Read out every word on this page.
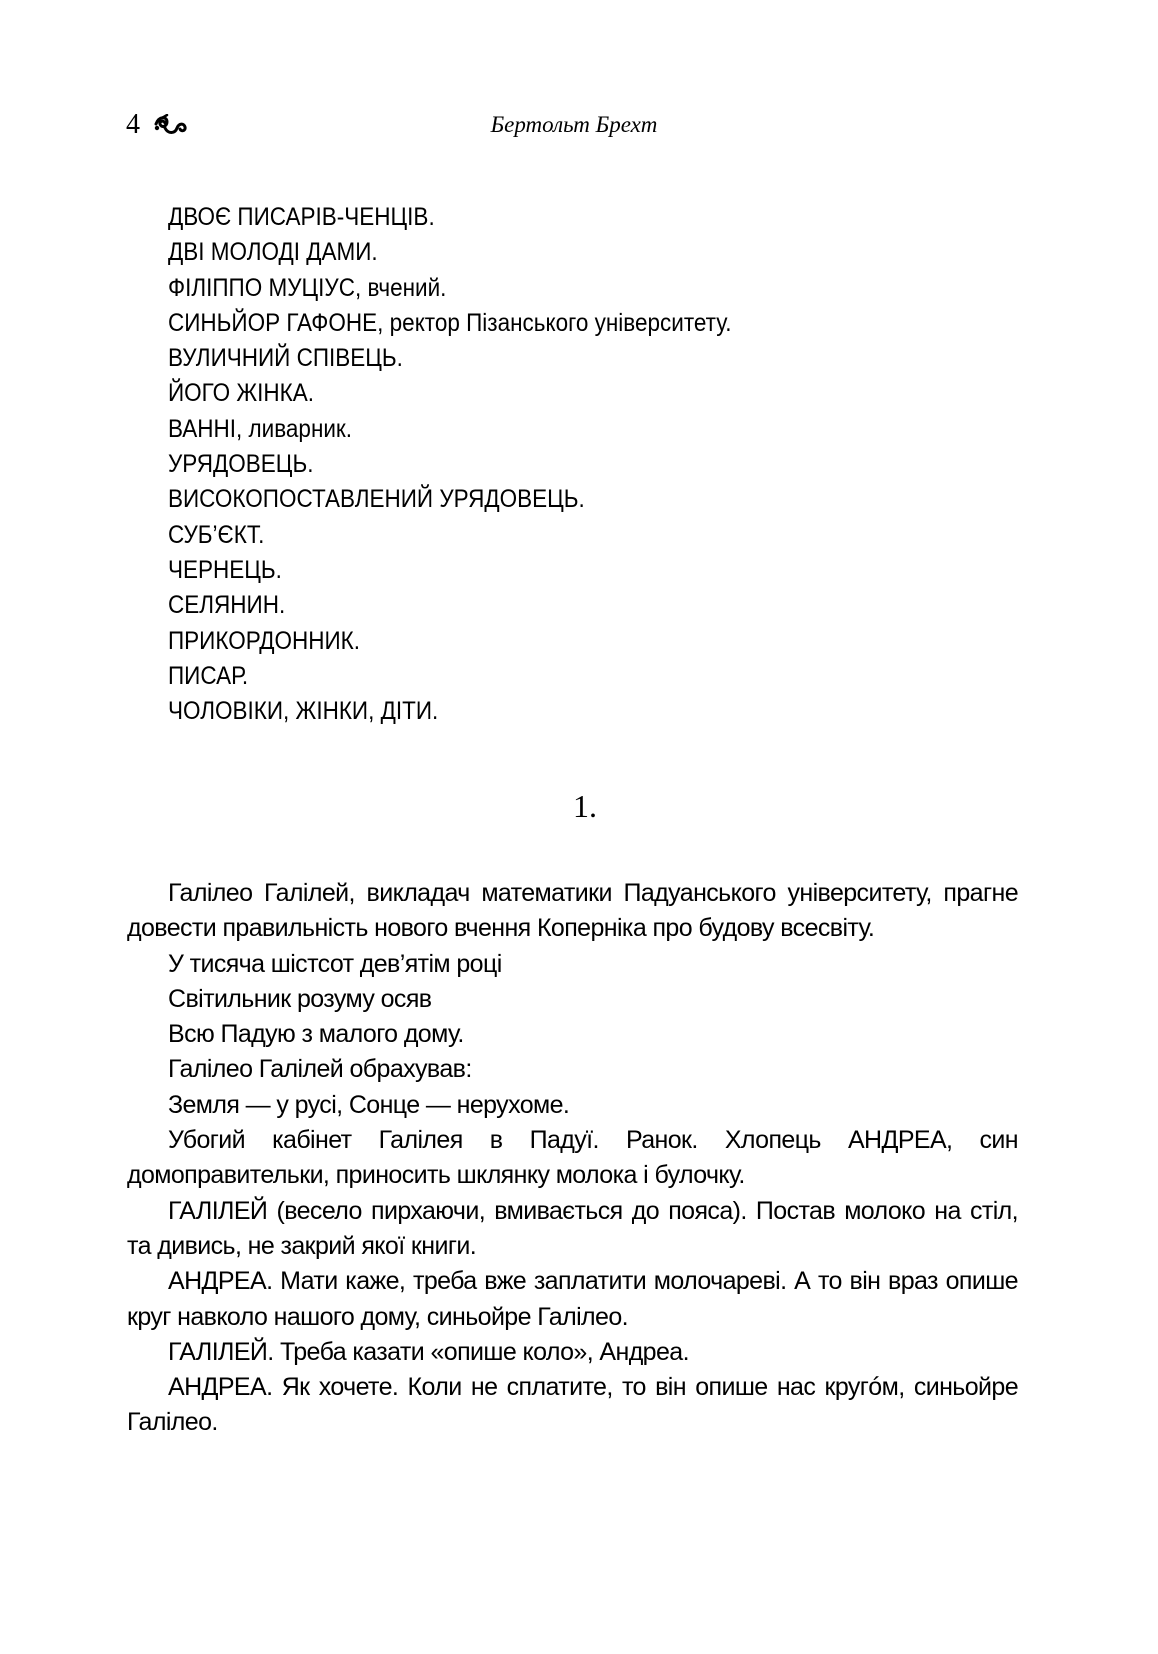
4	Бертольт Брехт
ДВОЄ ПИСАРІВ-ЧЕНЦІВ.
ДВІ МОЛОДІ ДАМИ.
ФІЛІППО МУЦІУС, вчений.
СИНЬЙОР ГАФОНЕ, ректор Пізанського університету.
ВУЛИЧНИЙ СПІВЕЦЬ.
ЙОГО ЖІНКА.
ВАННІ, ливарник.
УРЯДОВЕЦЬ.
ВИСОКОПОСТАВЛЕНИЙ УРЯДОВЕЦЬ.
СУБ’ЄКТ.
ЧЕРНЕЦЬ.
СЕЛЯНИН.
ПРИКОРДОННИК.
ПИСАР.
ЧОЛОВІКИ, ЖІНКИ, ДІТИ.
1.

Галілео Галілей, викладач математики Падуанського університету, прагне довести правильність нового вчення Коперніка про будову всесвіту.

У тисяча шістсот дев’ятім році

Світильник розуму осяв

Всю Падую з малого дому.

Галілео Галілей обрахував:

Земля — у русі, Сонце — нерухоме.

Убогий кабінет Галілея в Падуї. Ранок. Хлопець АНДРЕА, син домоправительки, приносить шклянку молока і булочку.

ГАЛІЛЕЙ (весело пирхаючи, вмивається до пояса). Постав молоко на стіл, та дивись, не закрий якої книги.

АНДРЕА. Мати каже, треба вже заплатити молочареві. А то він враз опише круг навколо нашого дому, синьойре Галілео.

ГАЛІЛЕЙ. Треба казати «опише коло», Андреа.

АНДРЕА. Як хочете. Коли не сплатите, то він опише нас кругóм, синьойре Галілео.
